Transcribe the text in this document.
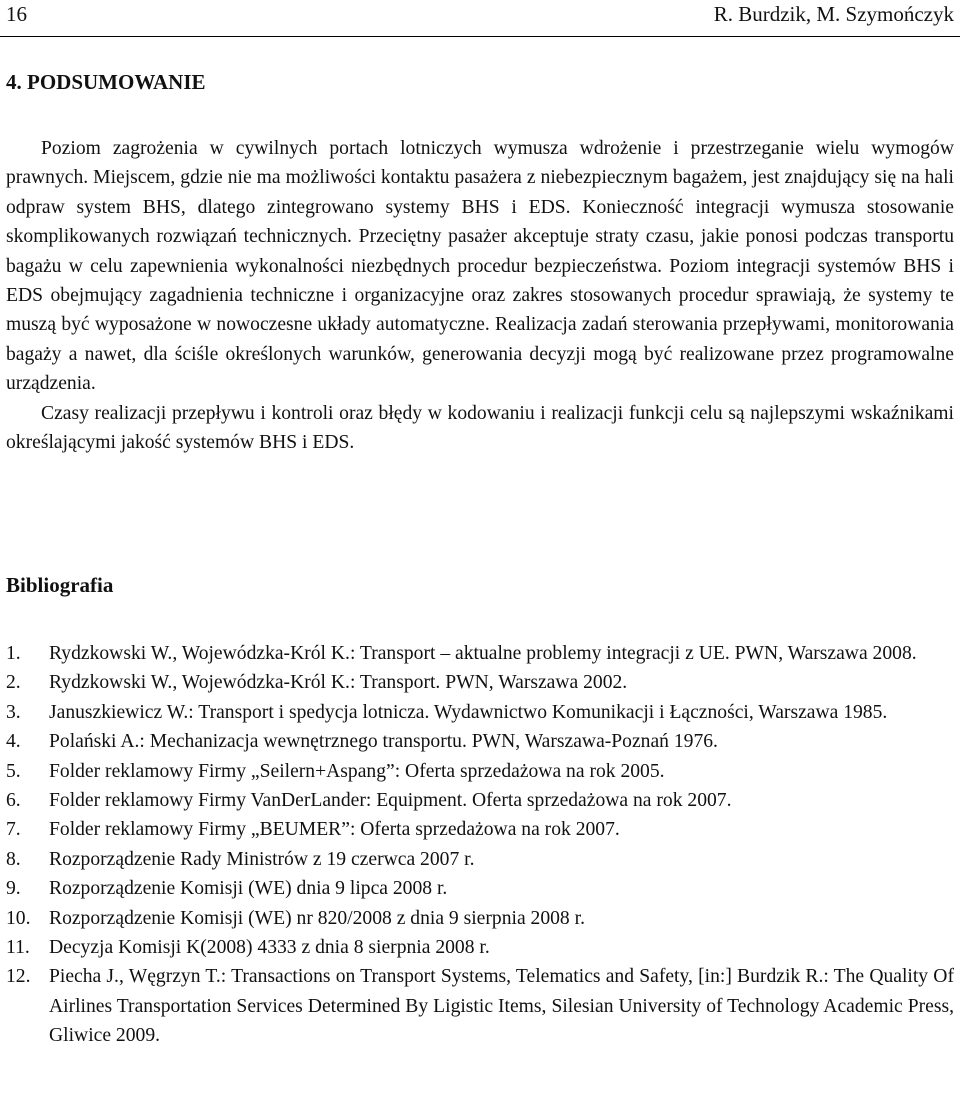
16	R. Burdzik, M. Szymończyk
4. PODSUMOWANIE

Poziom zagrożenia w cywilnych portach lotniczych wymusza wdrożenie i przestrzeganie wielu wymogów prawnych. Miejscem, gdzie nie ma możliwości kontaktu pasażera z niebezpiecznym bagażem, jest znajdujący się na hali odpraw system BHS, dlatego zintegrowano systemy BHS i EDS. Konieczność integracji wymusza stosowanie skomplikowanych rozwiązań technicznych. Przeciętny pasażer akceptuje straty czasu, jakie ponosi podczas transportu bagażu w celu zapewnienia wykonalności niezbędnych procedur bezpieczeństwa. Poziom integracji systemów BHS i EDS obejmujący zagadnienia techniczne i organizacyjne oraz zakres stosowanych procedur sprawiają, że systemy te muszą być wyposażone w nowoczesne układy automatyczne. Realizacja zadań sterowania przepływami, monitorowania bagaży a nawet, dla ściśle określonych warunków, generowania decyzji mogą być realizowane przez programowalne urządzenia.

Czasy realizacji przepływu i kontroli oraz błędy w kodowaniu i realizacji funkcji celu są najlepszymi wskaźnikami określającymi jakość systemów BHS i EDS.

Bibliografia
1.	Rydzkowski W., Wojewódzka-Król K.: Transport – aktualne problemy integracji z UE. PWN, Warszawa 2008.
2.	Rydzkowski W., Wojewódzka-Król K.: Transport. PWN, Warszawa 2002.
3.	Januszkiewicz W.: Transport i spedycja lotnicza. Wydawnictwo Komunikacji i Łączności, Warszawa 1985.
4.	Polański A.: Mechanizacja wewnętrznego transportu. PWN, Warszawa-Poznań 1976.
5.	Folder reklamowy Firmy „Seilern+Aspang”: Oferta sprzedażowa na rok 2005.
6.	Folder reklamowy Firmy VanDerLander: Equipment. Oferta sprzedażowa na rok 2007.
7.	Folder reklamowy Firmy „BEUMER”: Oferta sprzedażowa na rok 2007.
8.	Rozporządzenie Rady Ministrów z 19 czerwca 2007 r.
9.	Rozporządzenie Komisji (WE) dnia 9 lipca 2008 r.
10. Rozporządzenie Komisji (WE) nr 820/2008 z dnia 9 sierpnia 2008 r.
11. Decyzja Komisji K(2008) 4333 z dnia 8 sierpnia 2008 r.
12. Piecha J., Węgrzyn T.: Transactions on Transport Systems, Telematics and Safety, [in:] Burdzik R.: The Quality Of Airlines Transportation Services Determined By Ligistic Items, Silesian University of Technology Academic Press, Gliwice 2009.
